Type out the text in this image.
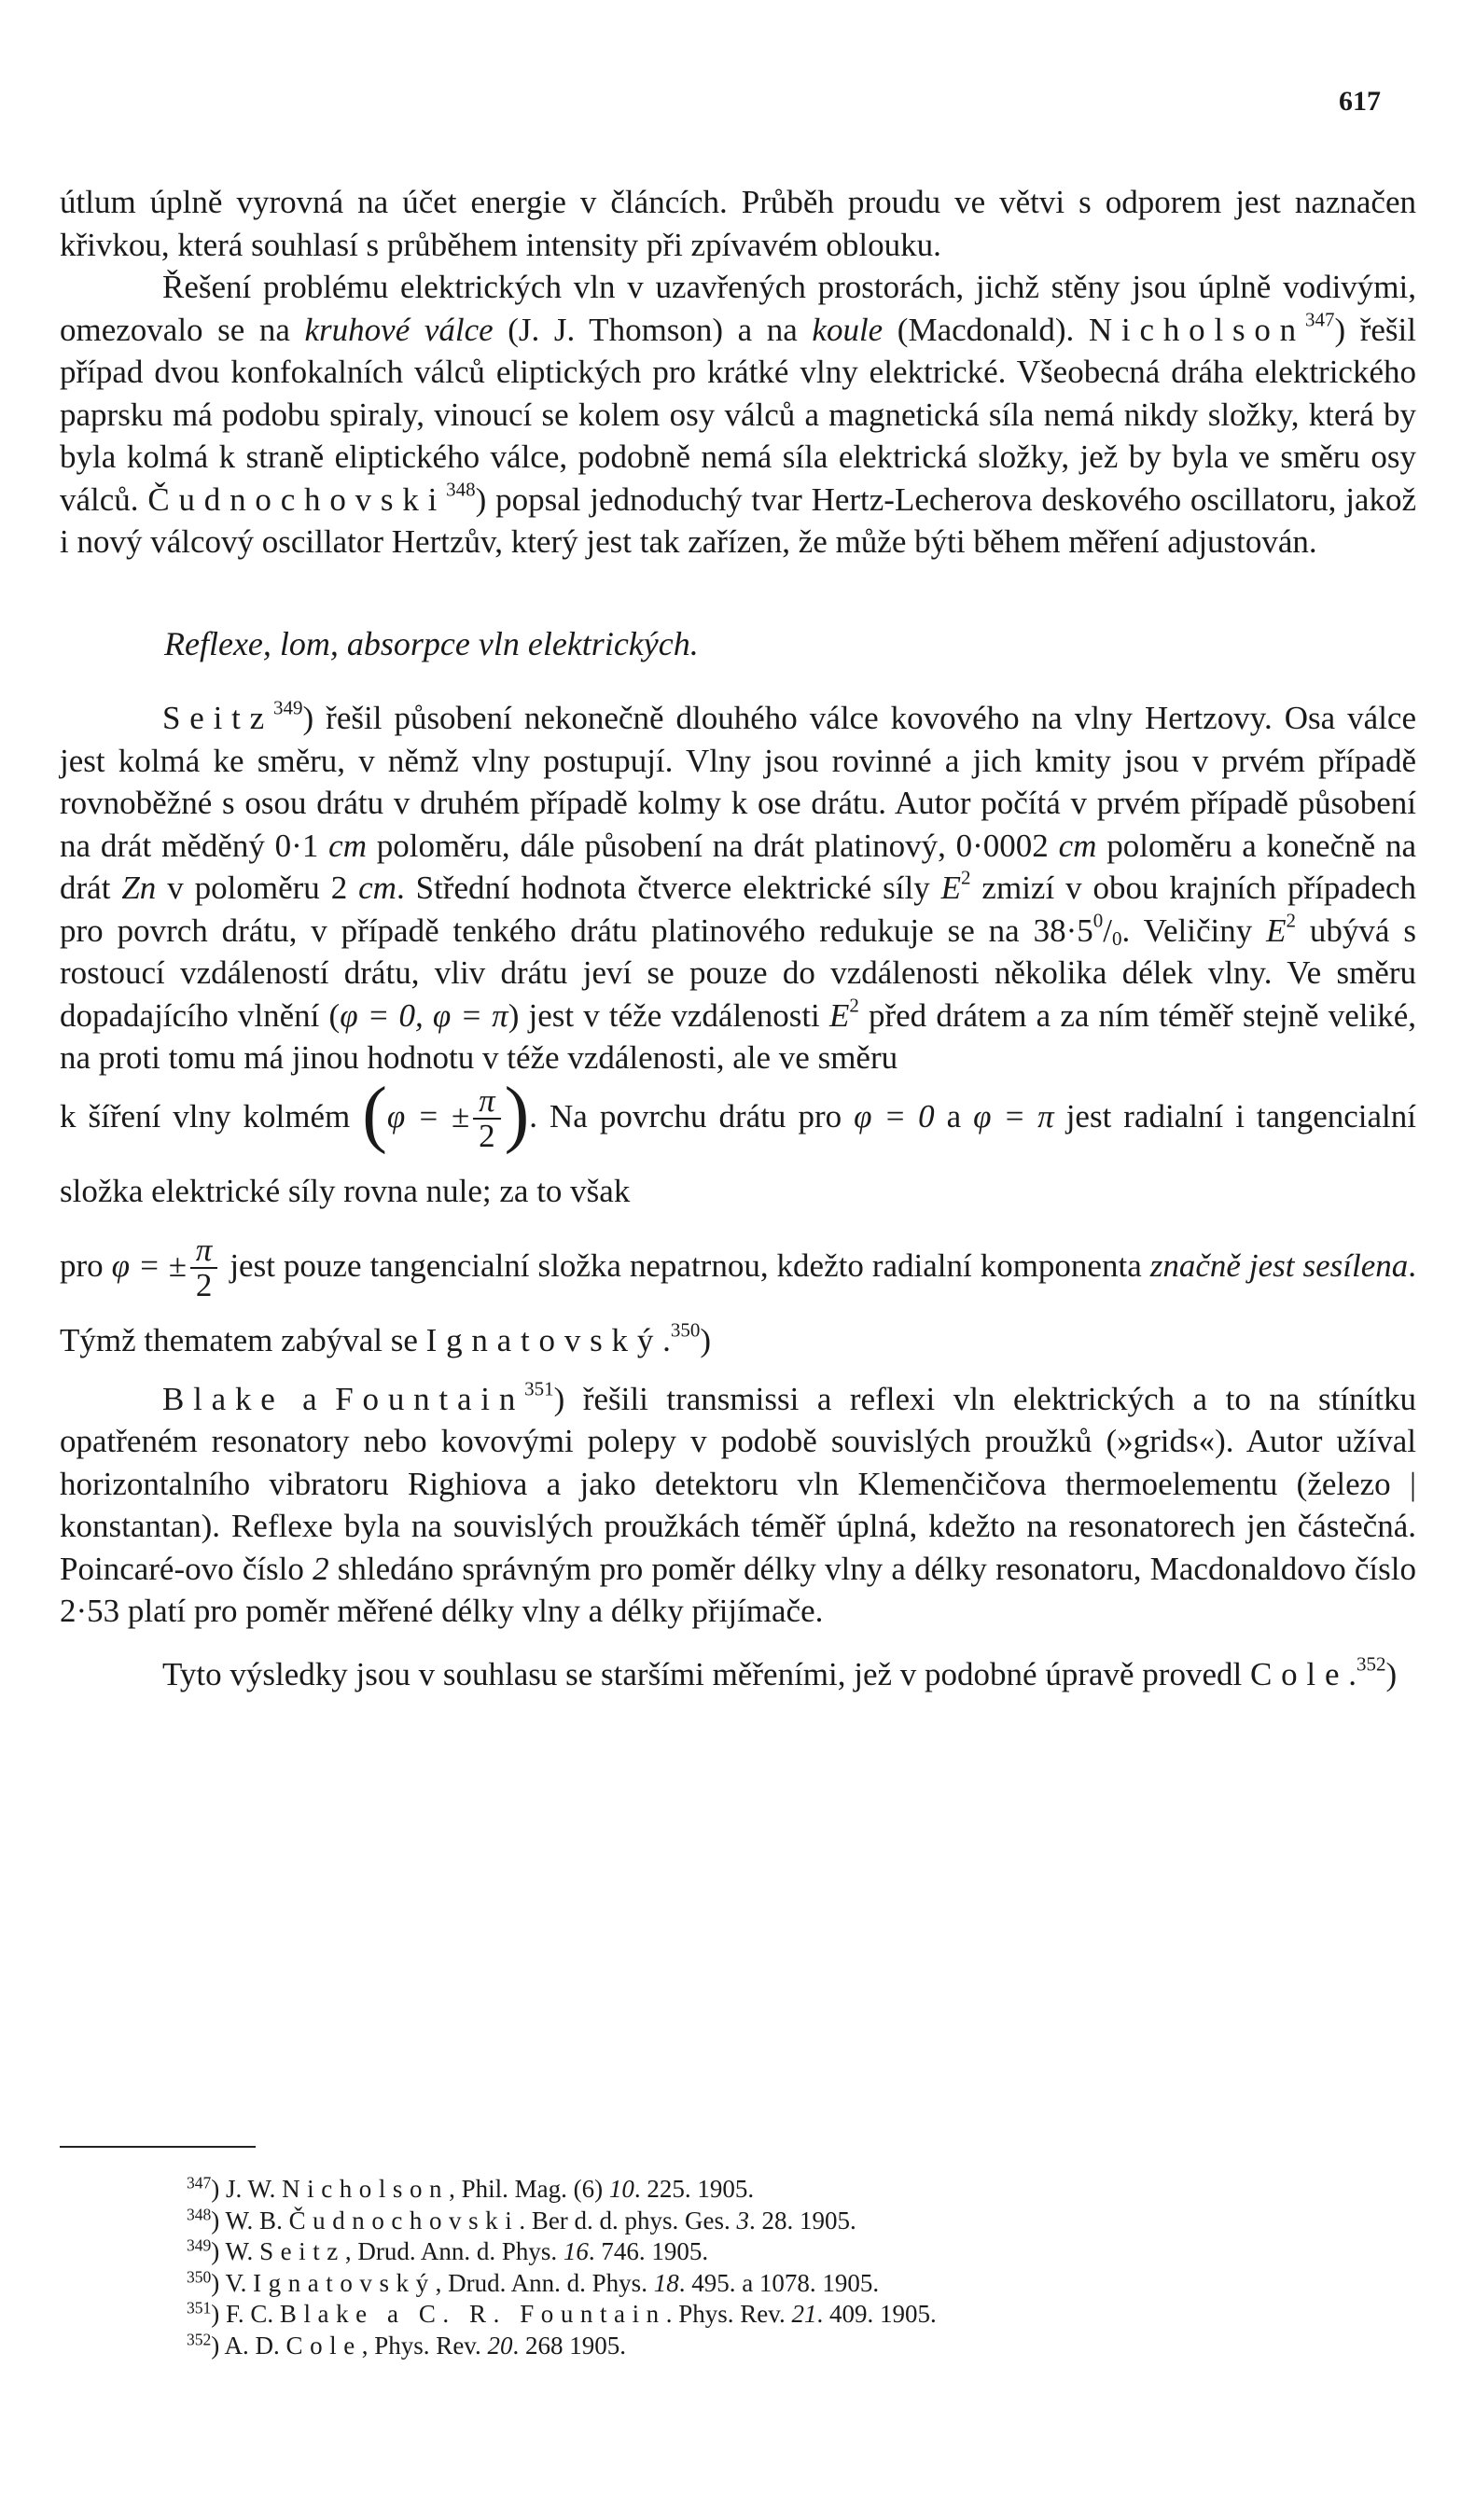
617

útlum úplně vyrovná na účet energie v článcích. Průběh proudu ve větvi s odporem jest naznačen křivkou, která souhlasí s průběhem intensity při zpívavém oblouku.

Řešení problému elektrických vln v uzavřených prostorách, jichž stěny jsou úplně vodivými, omezovalo se na kruhové válce (J. J. Thomson) a na koule (Macdonald). Nicholson$^{347}$) řešil případ dvou konfokalních válců eliptických pro krátké vlny elektrické. Všeobecná dráha elektrického paprsku má podobu spiraly, vinoucí se kolem osy válců a magnetická síla nemá nikdy složky, která by byla kolmá k straně eliptického válce, podobně nemá síla elektrická složky, jež by byla ve směru osy válců. Čudnochovski$^{348}$) popsal jednoduchý tvar Hertz-Lecherova deskového oscillatoru, jakož i nový válcový oscillator Hertzův, který jest tak zařízen, že může býti během měření adjustován.

Reflexe, lom, absorpce vln elektrických.

Seitz$^{349}$) řešil působení nekonečně dlouhého válce kovového na vlny Hertzovy. Osa válce jest kolmá ke směru, v němž vlny postupují. Vlny jsou rovinné a jich kmity jsou v prvém případě rovnoběžné s osou drátu v druhém případě kolmy k ose drátu. Autor počítá v prvém případě působení na drát měděný 0·1 cm poloměru, dále působení na drát platinový, 0·0002 cm poloměru a konečně na drát Zn v poloměru 2 cm. Střední hodnota čtverce elektrické síly $E^2$ zmizí v obou krajních případech pro povrch drátu, v případě tenkého drátu platinového redukuje se na $38\cdot 5^0/_0$. Veličiny $E^2$ ubývá s rostoucí vzdáleností drátu, vliv drátu jeví se pouze do vzdálenosti několika délek vlny. Ve směru dopadajícího vlnění (φ = 0, φ = π) jest v téže vzdálenosti $E^2$ před drátem a za ním téměř stejně veliké, na proti tomu má jinou hodnotu v téže vzdálenosti, ale ve směru

k šíření vlny kolmém (φ = ± $\frac{\pi}{2}$ ). Na povrchu drátu pro φ = 0 a φ = π jest radialní i tangencialní složka elektrické síly rovna nule; za to však

pro φ = ± $\frac{\pi}{2}$ jest pouze tangencialní složka nepatrnou, kdežto radialní komponenta značně jest sesílena. Týmž thematem zabýval se Ignatovský.$^{350}$)

Blake a Fountain$^{351}$) řešili transmissi a reflexi vln elektrických a to na stínítku opatřeném resonatory nebo kovovými polepy v podobě souvislých proužků (»grids«). Autor užíval horizontalního vibratoru Righiova a jako detektoru vln Klemenčičova thermoelementu (železo | konstantan). Reflexe byla na souvislých proužkách téměř úplná, kdežto na resonatorech jen částečná. Poincaré-ovo číslo 2 shledáno správným pro poměr délky vlny a délky resonatoru, Macdonaldovo číslo 2·53 platí pro poměr měřené délky vlny a délky přijímače.

Tyto výsledky jsou v souhlasu se staršími měřeními, jež v podobné úpravě provedl Cole.$^{352}$)

$^{347}$) J. W. Nicholson, Phil. Mag. (6) 10. 225. 1905.
$^{348}$) W. B. Čudnochovski. Ber d. d. phys. Ges. 3. 28. 1905.
$^{349}$) W. Seitz, Drud. Ann. d. Phys. 16. 746. 1905.
$^{350}$) V. Ignatovský, Drud. Ann. d. Phys. 18. 495. a 1078. 1905.
$^{351}$) F. C. Blake a C. R. Fountain. Phys. Rev. 21. 409. 1905.
$^{352}$) A. D. Cole, Phys. Rev. 20. 268 1905.
